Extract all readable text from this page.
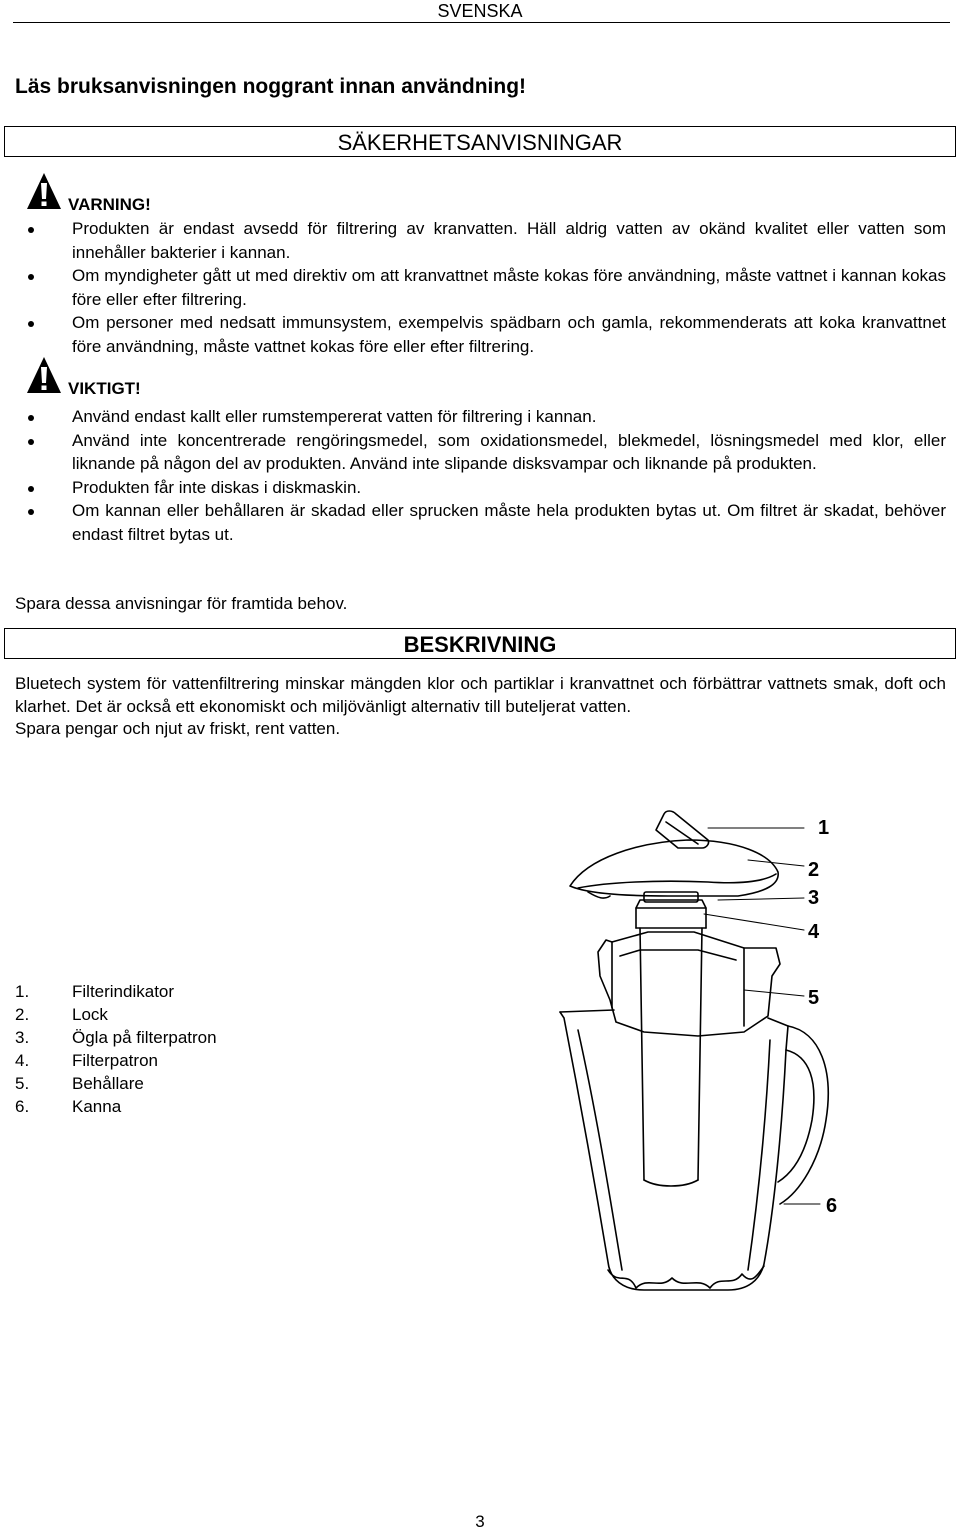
SVENSKA
Läs bruksanvisningen noggrant innan användning!
SÄKERHETSANVISNINGAR
VARNING!
Produkten är endast avsedd för filtrering av kranvatten. Häll aldrig vatten av okänd kvalitet eller vatten som innehåller bakterier i kannan.
Om myndigheter gått ut med direktiv om att kranvattnet måste kokas före användning, måste vattnet i kannan kokas före eller efter filtrering.
Om personer med nedsatt immunsystem, exempelvis spädbarn och gamla, rekommenderats att koka kranvattnet före användning, måste vattnet kokas före eller efter filtrering.
VIKTIGT!
Använd endast kallt eller rumstempererat vatten för filtrering i kannan.
Använd inte koncentrerade rengöringsmedel, som oxidationsmedel, blekmedel, lösningsmedel med klor, eller liknande på någon del av produkten. Använd inte slipande disksvampar och liknande på produkten.
Produkten får inte diskas i diskmaskin.
Om kannan eller behållaren är skadad eller sprucken måste hela produkten bytas ut. Om filtret är skadat, behöver endast filtret bytas ut.
Spara dessa anvisningar för framtida behov.
BESKRIVNING

Bluetech system för vattenfiltrering minskar mängden klor och partiklar i kranvattnet och förbättrar vattnets smak, doft och klarhet. Det är också ett ekonomiskt och miljövänligt alternativ till buteljerat vatten.

Spara pengar och njut av friskt, rent vatten.

1.	Filterindikator
2.	Lock
3.	Ögla på filterpatron
4.	Filterpatron
5.	Behållare
6.	Kanna
1
2
3
4
5
6
3
